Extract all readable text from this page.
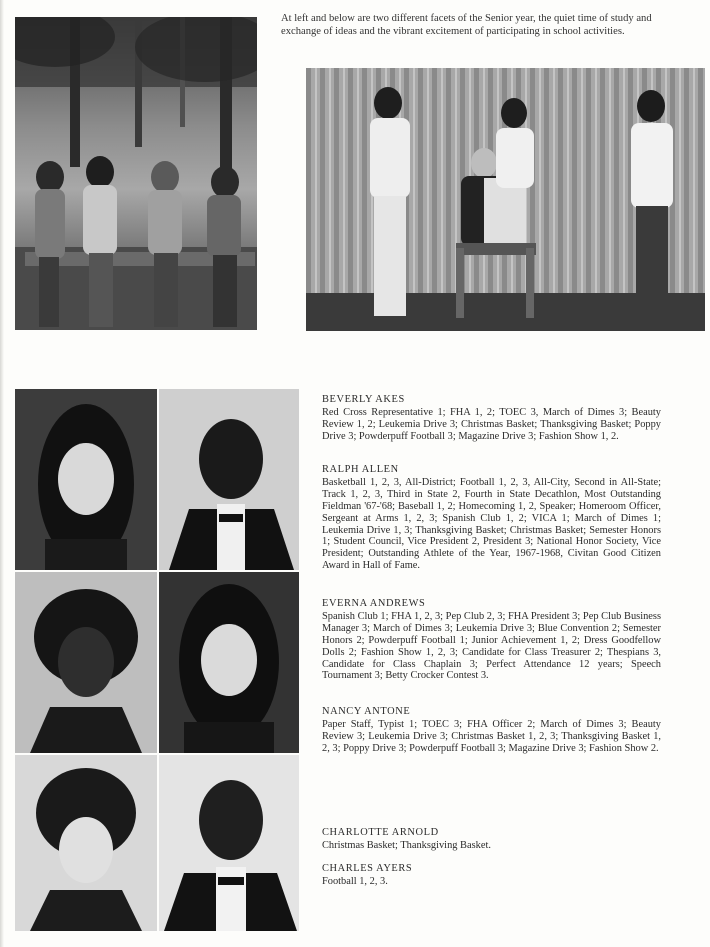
At left and below are two different facets of the Senior year, the quiet time of study and exchange of ideas and the vibrant excitement of participating in school activities.
BEVERLY AKES
Red Cross Representative 1; FHA 1, 2; TOEC 3, March of Dimes 3; Beauty Review 1, 2; Leukemia Drive 3; Christmas Basket; Thanksgiving Basket; Poppy Drive 3; Powderpuff Football 3; Magazine Drive 3; Fashion Show 1, 2.
RALPH ALLEN
Basketball 1, 2, 3, All-District; Football 1, 2, 3, All-City, Second in All-State; Track 1, 2, 3, Third in State 2, Fourth in State Decathlon, Most Outstanding Fieldman '67-'68; Baseball 1, 2; Homecoming 1, 2, Speaker; Homeroom Officer, Sergeant at Arms 1, 2, 3; Spanish Club 1, 2; VICA 1; March of Dimes 1; Leukemia Drive 1, 3; Thanksgiving Basket; Christmas Basket; Semester Honors 1; Student Council, Vice President 2, President 3; National Honor Society, Vice President; Outstanding Athlete of the Year, 1967-1968, Civitan Good Citizen Award in Hall of Fame.
EVERNA ANDREWS
Spanish Club 1; FHA 1, 2, 3; Pep Club 2, 3; FHA President 3; Pep Club Business Manager 3; March of Dimes 3; Leukemia Drive 3; Blue Convention 2; Semester Honors 2; Powderpuff Football 1; Junior Achievement 1, 2; Dress Goodfellow Dolls 2; Fashion Show 1, 2, 3; Candidate for Class Treasurer 2; Thespians 3, Candidate for Class Chaplain 3; Perfect Attendance 12 years; Speech Tournament 3; Betty Crocker Contest 3.
NANCY ANTONE
Paper Staff, Typist 1; TOEC 3; FHA Officer 2; March of Dimes 3; Beauty Review 3; Leukemia Drive 3; Christmas Basket 1, 2, 3; Thanksgiving Basket 1, 2, 3; Poppy Drive 3; Powderpuff Football 3; Magazine Drive 3; Fashion Show 2.
CHARLOTTE ARNOLD
Christmas Basket; Thanksgiving Basket.
CHARLES AYERS
Football 1, 2, 3.
